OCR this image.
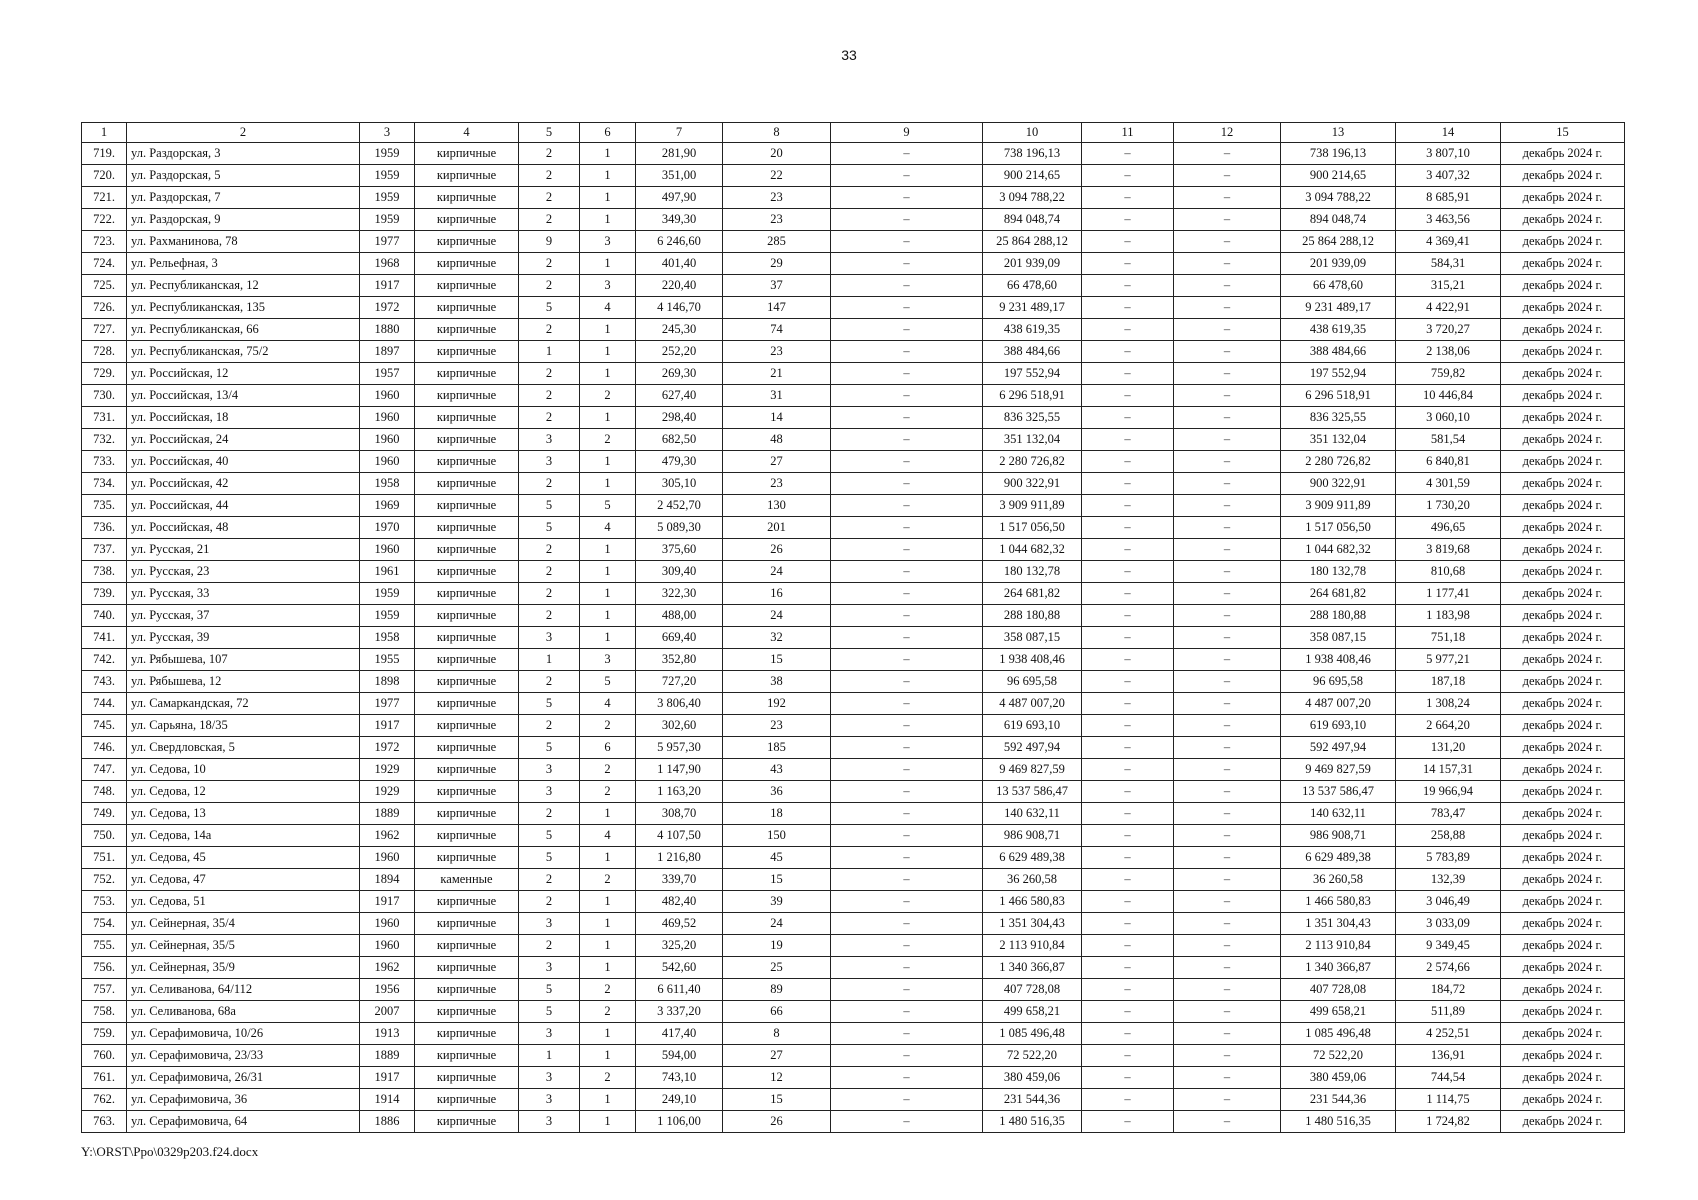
33
1	2	3	4	5	6	7	8	9	10	11	12	13	14	15
719.	ул. Раздорская, 3	1959	кирпичные	2	1	281,90	20	–	738 196,13	–	–	738 196,13	3 807,10	декабрь 2024 г.
720.	ул. Раздорская, 5	1959	кирпичные	2	1	351,00	22	–	900 214,65	–	–	900 214,65	3 407,32	декабрь 2024 г.
721.	ул. Раздорская, 7	1959	кирпичные	2	1	497,90	23	–	3 094 788,22	–	–	3 094 788,22	8 685,91	декабрь 2024 г.
722.	ул. Раздорская, 9	1959	кирпичные	2	1	349,30	23	–	894 048,74	–	–	894 048,74	3 463,56	декабрь 2024 г.
723.	ул. Рахманинова, 78	1977	кирпичные	9	3	6 246,60	285	–	25 864 288,12	–	–	25 864 288,12	4 369,41	декабрь 2024 г.
724.	ул. Рельефная, 3	1968	кирпичные	2	1	401,40	29	–	201 939,09	–	–	201 939,09	584,31	декабрь 2024 г.
725.	ул. Республиканская, 12	1917	кирпичные	2	3	220,40	37	–	66 478,60	–	–	66 478,60	315,21	декабрь 2024 г.
726.	ул. Республиканская, 135	1972	кирпичные	5	4	4 146,70	147	–	9 231 489,17	–	–	9 231 489,17	4 422,91	декабрь 2024 г.
727.	ул. Республиканская, 66	1880	кирпичные	2	1	245,30	74	–	438 619,35	–	–	438 619,35	3 720,27	декабрь 2024 г.
728.	ул. Республиканская, 75/2	1897	кирпичные	1	1	252,20	23	–	388 484,66	–	–	388 484,66	2 138,06	декабрь 2024 г.
729.	ул. Российская, 12	1957	кирпичные	2	1	269,30	21	–	197 552,94	–	–	197 552,94	759,82	декабрь 2024 г.
730.	ул. Российская, 13/4	1960	кирпичные	2	2	627,40	31	–	6 296 518,91	–	–	6 296 518,91	10 446,84	декабрь 2024 г.
731.	ул. Российская, 18	1960	кирпичные	2	1	298,40	14	–	836 325,55	–	–	836 325,55	3 060,10	декабрь 2024 г.
732.	ул. Российская, 24	1960	кирпичные	3	2	682,50	48	–	351 132,04	–	–	351 132,04	581,54	декабрь 2024 г.
733.	ул. Российская, 40	1960	кирпичные	3	1	479,30	27	–	2 280 726,82	–	–	2 280 726,82	6 840,81	декабрь 2024 г.
734.	ул. Российская, 42	1958	кирпичные	2	1	305,10	23	–	900 322,91	–	–	900 322,91	4 301,59	декабрь 2024 г.
735.	ул. Российская, 44	1969	кирпичные	5	5	2 452,70	130	–	3 909 911,89	–	–	3 909 911,89	1 730,20	декабрь 2024 г.
736.	ул. Российская, 48	1970	кирпичные	5	4	5 089,30	201	–	1 517 056,50	–	–	1 517 056,50	496,65	декабрь 2024 г.
737.	ул. Русская, 21	1960	кирпичные	2	1	375,60	26	–	1 044 682,32	–	–	1 044 682,32	3 819,68	декабрь 2024 г.
738.	ул. Русская, 23	1961	кирпичные	2	1	309,40	24	–	180 132,78	–	–	180 132,78	810,68	декабрь 2024 г.
739.	ул. Русская, 33	1959	кирпичные	2	1	322,30	16	–	264 681,82	–	–	264 681,82	1 177,41	декабрь 2024 г.
740.	ул. Русская, 37	1959	кирпичные	2	1	488,00	24	–	288 180,88	–	–	288 180,88	1 183,98	декабрь 2024 г.
741.	ул. Русская, 39	1958	кирпичные	3	1	669,40	32	–	358 087,15	–	–	358 087,15	751,18	декабрь 2024 г.
742.	ул. Рябышева, 107	1955	кирпичные	1	3	352,80	15	–	1 938 408,46	–	–	1 938 408,46	5 977,21	декабрь 2024 г.
743.	ул. Рябышева, 12	1898	кирпичные	2	5	727,20	38	–	96 695,58	–	–	96 695,58	187,18	декабрь 2024 г.
744.	ул. Самаркандская, 72	1977	кирпичные	5	4	3 806,40	192	–	4 487 007,20	–	–	4 487 007,20	1 308,24	декабрь 2024 г.
745.	ул. Сарьяна, 18/35	1917	кирпичные	2	2	302,60	23	–	619 693,10	–	–	619 693,10	2 664,20	декабрь 2024 г.
746.	ул. Свердловская, 5	1972	кирпичные	5	6	5 957,30	185	–	592 497,94	–	–	592 497,94	131,20	декабрь 2024 г.
747.	ул. Седова, 10	1929	кирпичные	3	2	1 147,90	43	–	9 469 827,59	–	–	9 469 827,59	14 157,31	декабрь 2024 г.
748.	ул. Седова, 12	1929	кирпичные	3	2	1 163,20	36	–	13 537 586,47	–	–	13 537 586,47	19 966,94	декабрь 2024 г.
749.	ул. Седова, 13	1889	кирпичные	2	1	308,70	18	–	140 632,11	–	–	140 632,11	783,47	декабрь 2024 г.
750.	ул. Седова, 14а	1962	кирпичные	5	4	4 107,50	150	–	986 908,71	–	–	986 908,71	258,88	декабрь 2024 г.
751.	ул. Седова, 45	1960	кирпичные	5	1	1 216,80	45	–	6 629 489,38	–	–	6 629 489,38	5 783,89	декабрь 2024 г.
752.	ул. Седова, 47	1894	каменные	2	2	339,70	15	–	36 260,58	–	–	36 260,58	132,39	декабрь 2024 г.
753.	ул. Седова, 51	1917	кирпичные	2	1	482,40	39	–	1 466 580,83	–	–	1 466 580,83	3 046,49	декабрь 2024 г.
754.	ул. Сейнерная, 35/4	1960	кирпичные	3	1	469,52	24	–	1 351 304,43	–	–	1 351 304,43	3 033,09	декабрь 2024 г.
755.	ул. Сейнерная, 35/5	1960	кирпичные	2	1	325,20	19	–	2 113 910,84	–	–	2 113 910,84	9 349,45	декабрь 2024 г.
756.	ул. Сейнерная, 35/9	1962	кирпичные	3	1	542,60	25	–	1 340 366,87	–	–	1 340 366,87	2 574,66	декабрь 2024 г.
757.	ул. Селиванова, 64/112	1956	кирпичные	5	2	6 611,40	89	–	407 728,08	–	–	407 728,08	184,72	декабрь 2024 г.
758.	ул. Селиванова, 68а	2007	кирпичные	5	2	3 337,20	66	–	499 658,21	–	–	499 658,21	511,89	декабрь 2024 г.
759.	ул. Серафимовича, 10/26	1913	кирпичные	3	1	417,40	8	–	1 085 496,48	–	–	1 085 496,48	4 252,51	декабрь 2024 г.
760.	ул. Серафимовича, 23/33	1889	кирпичные	1	1	594,00	27	–	72 522,20	–	–	72 522,20	136,91	декабрь 2024 г.
761.	ул. Серафимовича, 26/31	1917	кирпичные	3	2	743,10	12	–	380 459,06	–	–	380 459,06	744,54	декабрь 2024 г.
762.	ул. Серафимовича, 36	1914	кирпичные	3	1	249,10	15	–	231 544,36	–	–	231 544,36	1 114,75	декабрь 2024 г.
763.	ул. Серафимовича, 64	1886	кирпичные	3	1	1 106,00	26	–	1 480 516,35	–	–	1 480 516,35	1 724,82	декабрь 2024 г.
Y:\ORST\Ppo\0329p203.f24.docx
